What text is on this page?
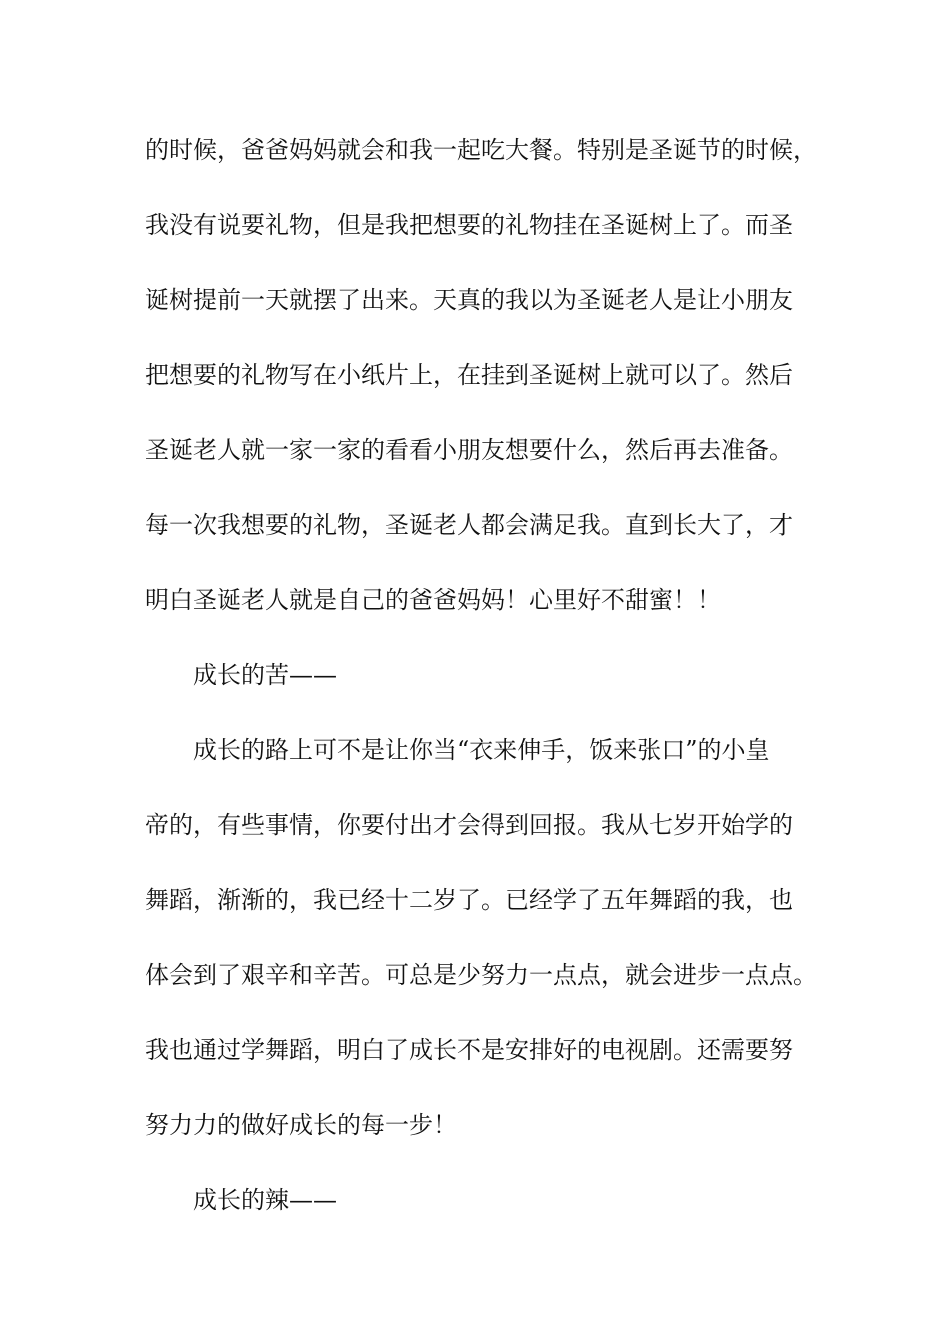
的时候，爸爸妈妈就会和我一起吃大餐。特别是圣诞节的时候，
我没有说要礼物，但是我把想要的礼物挂在圣诞树上了。而圣
诞树提前一天就摆了出来。天真的我以为圣诞老人是让小朋友
把想要的礼物写在小纸片上，在挂到圣诞树上就可以了。然后
圣诞老人就一家一家的看看小朋友想要什么，然后再去准备。
每一次我想要的礼物，圣诞老人都会满足我。直到长大了，才
明白圣诞老人就是自己的爸爸妈妈！心里好不甜蜜！！
成长的苦——
成长的路上可不是让你当“衣来伸手，饭来张口”的小皇
帝的，有些事情，你要付出才会得到回报。我从七岁开始学的
舞蹈，渐渐的，我已经十二岁了。已经学了五年舞蹈的我，也
体会到了艰辛和辛苦。可总是少努力一点点，就会进步一点点。
我也通过学舞蹈，明白了成长不是安排好的电视剧。还需要努
努力力的做好成长的每一步！
成长的辣——
